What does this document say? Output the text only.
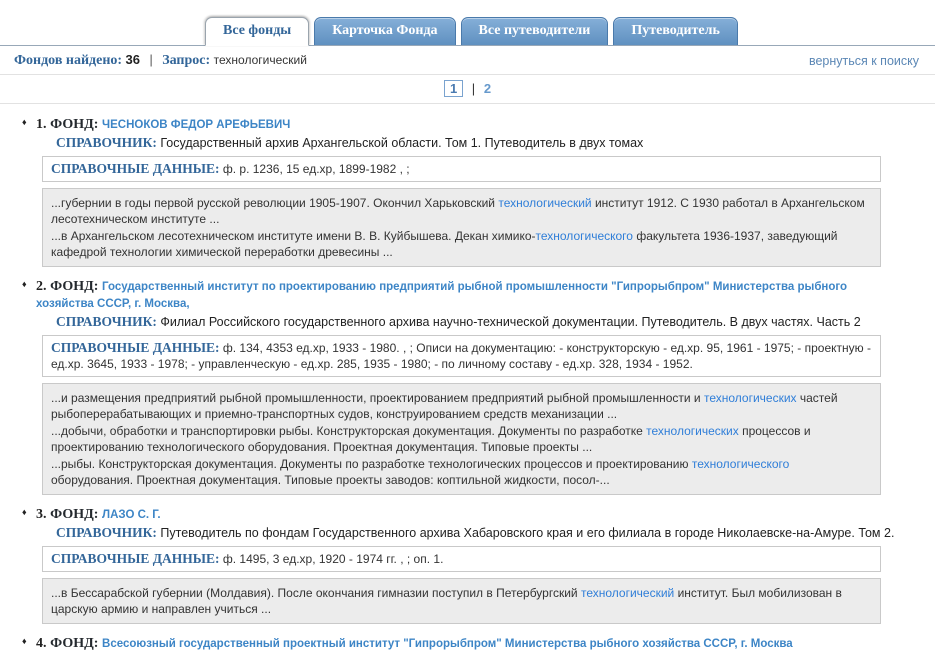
Все фонды	Карточка Фонда	Все путеводители	Путеводитель
Фондов найдено: 36 | Запрос: технологический	вернуться к поиску
1 | 2
♦ 1. ФОНД: ЧЕСНОКОВ ФЕДОР АРЕФЬЕВИЧ
СПРАВОЧНИК: Государственный архив Архангельской области. Том 1. Путеводитель в двух томах
СПРАВОЧНЫЕ ДАННЫЕ: ф. р. 1236, 15 ед.хр, 1899-1982 , ;
...губернии в годы первой русской революции 1905-1907. Окончил Харьковский технологический институт 1912. С 1930 работал в Архангельском лесотехническом институте ...
...в Архангельском лесотехническом институте имени В. В. Куйбышева. Декан химико-технологического факультета 1936-1937, заведующий кафедрой технологии химической переработки древесины ...
♦ 2. ФОНД: Государственный институт по проектированию предприятий рыбной промышленности "Гипрорыбпром" Министерства рыбного хозяйства СССР, г. Москва,
СПРАВОЧНИК: Филиал Российского государственного архива научно-технической документации. Путеводитель. В двух частях. Часть 2
СПРАВОЧНЫЕ ДАННЫЕ: ф. 134, 4353 ед.хр, 1933 - 1980. , ; Описи на документацию: - конструкторскую - ед.хр. 95, 1961 - 1975; - проектную - ед.хр. 3645, 1933 - 1978; - управленческую - ед.хр. 285, 1935 - 1980; - по личному составу - ед.хр. 328, 1934 - 1952.
...и размещения предприятий рыбной промышленности, проектированием предприятий рыбной промышленности и технологических частей рыбоперерабатывающих и приемно-транспортных судов, конструированием средств механизации ...
...добычи, обработки и транспортировки рыбы. Конструкторская документация. Документы по разработке технологических процессов и проектированию технологического оборудования. Проектная документация. Типовые проекты ...
...рыбы. Конструкторская документация. Документы по разработке технологических процессов и проектированию технологического оборудования. Проектная документация. Типовые проекты заводов: коптильной жидкости, посол-...
♦ 3. ФОНД: ЛАЗО С. Г.
СПРАВОЧНИК: Путеводитель по фондам Государственного архива Хабаровского края и его филиала в городе Николаевске-на-Амуре. Том 2.
СПРАВОЧНЫЕ ДАННЫЕ: ф. 1495, 3 ед.хр, 1920 - 1974 гг. , ; оп. 1.
...в Бессарабской губернии (Молдавия). После окончания гимназии поступил в Петербургский технологический институт. Был мобилизован в царскую армию и направлен учиться ...
♦ 4. ФОНД: Всесоюзный государственный проектный институт "Гипрорыбпром" Министерства рыбного хозяйства СССР, г. Москва
